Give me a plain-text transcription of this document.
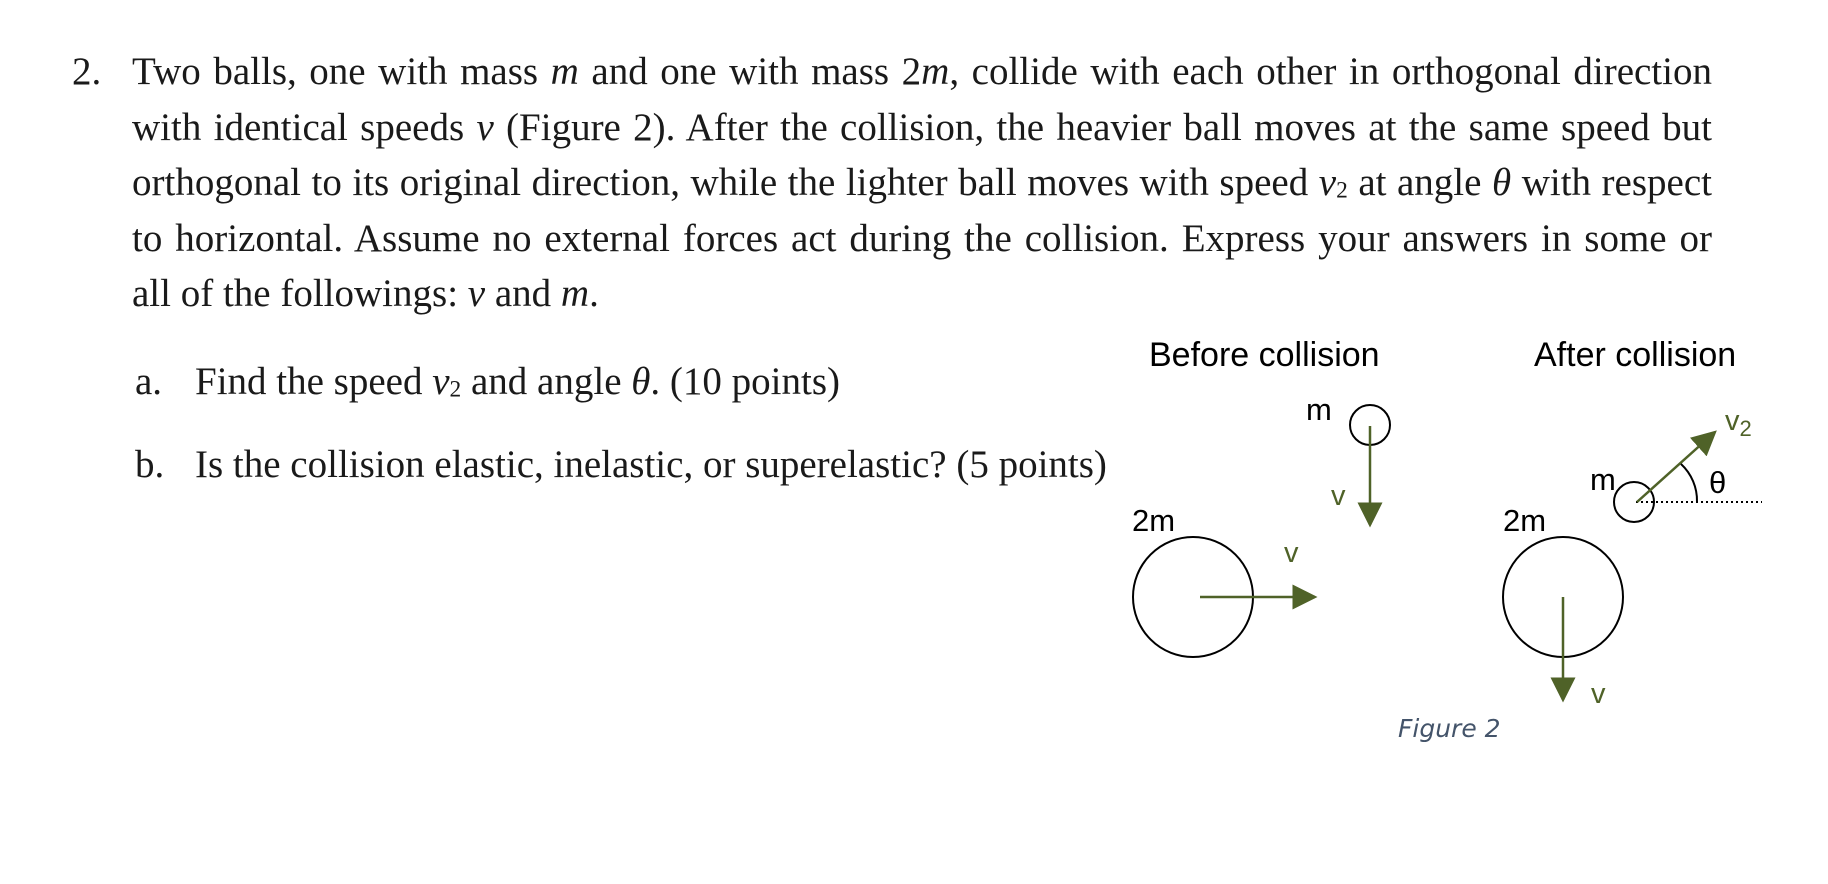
2. Two balls, one with mass m and one with mass 2m, collide with each other in orthogonal direction with identical speeds v (Figure 2). After the collision, the heavier ball moves at the same speed but orthogonal to its original direction, while the lighter ball moves with speed $v_2$ at angle θ with respect to horizontal. Assume no external forces act during the collision. Express your answers in some or all of the followings: v and m.
a. Find the speed $v_2$ and angle θ. (10 points)
b. Is the collision elastic, inelastic, or superelastic? (5 points)
Before collision
m
v
2m
v
After collision
m	θ
$v_2$
2m
v
Figure 2
